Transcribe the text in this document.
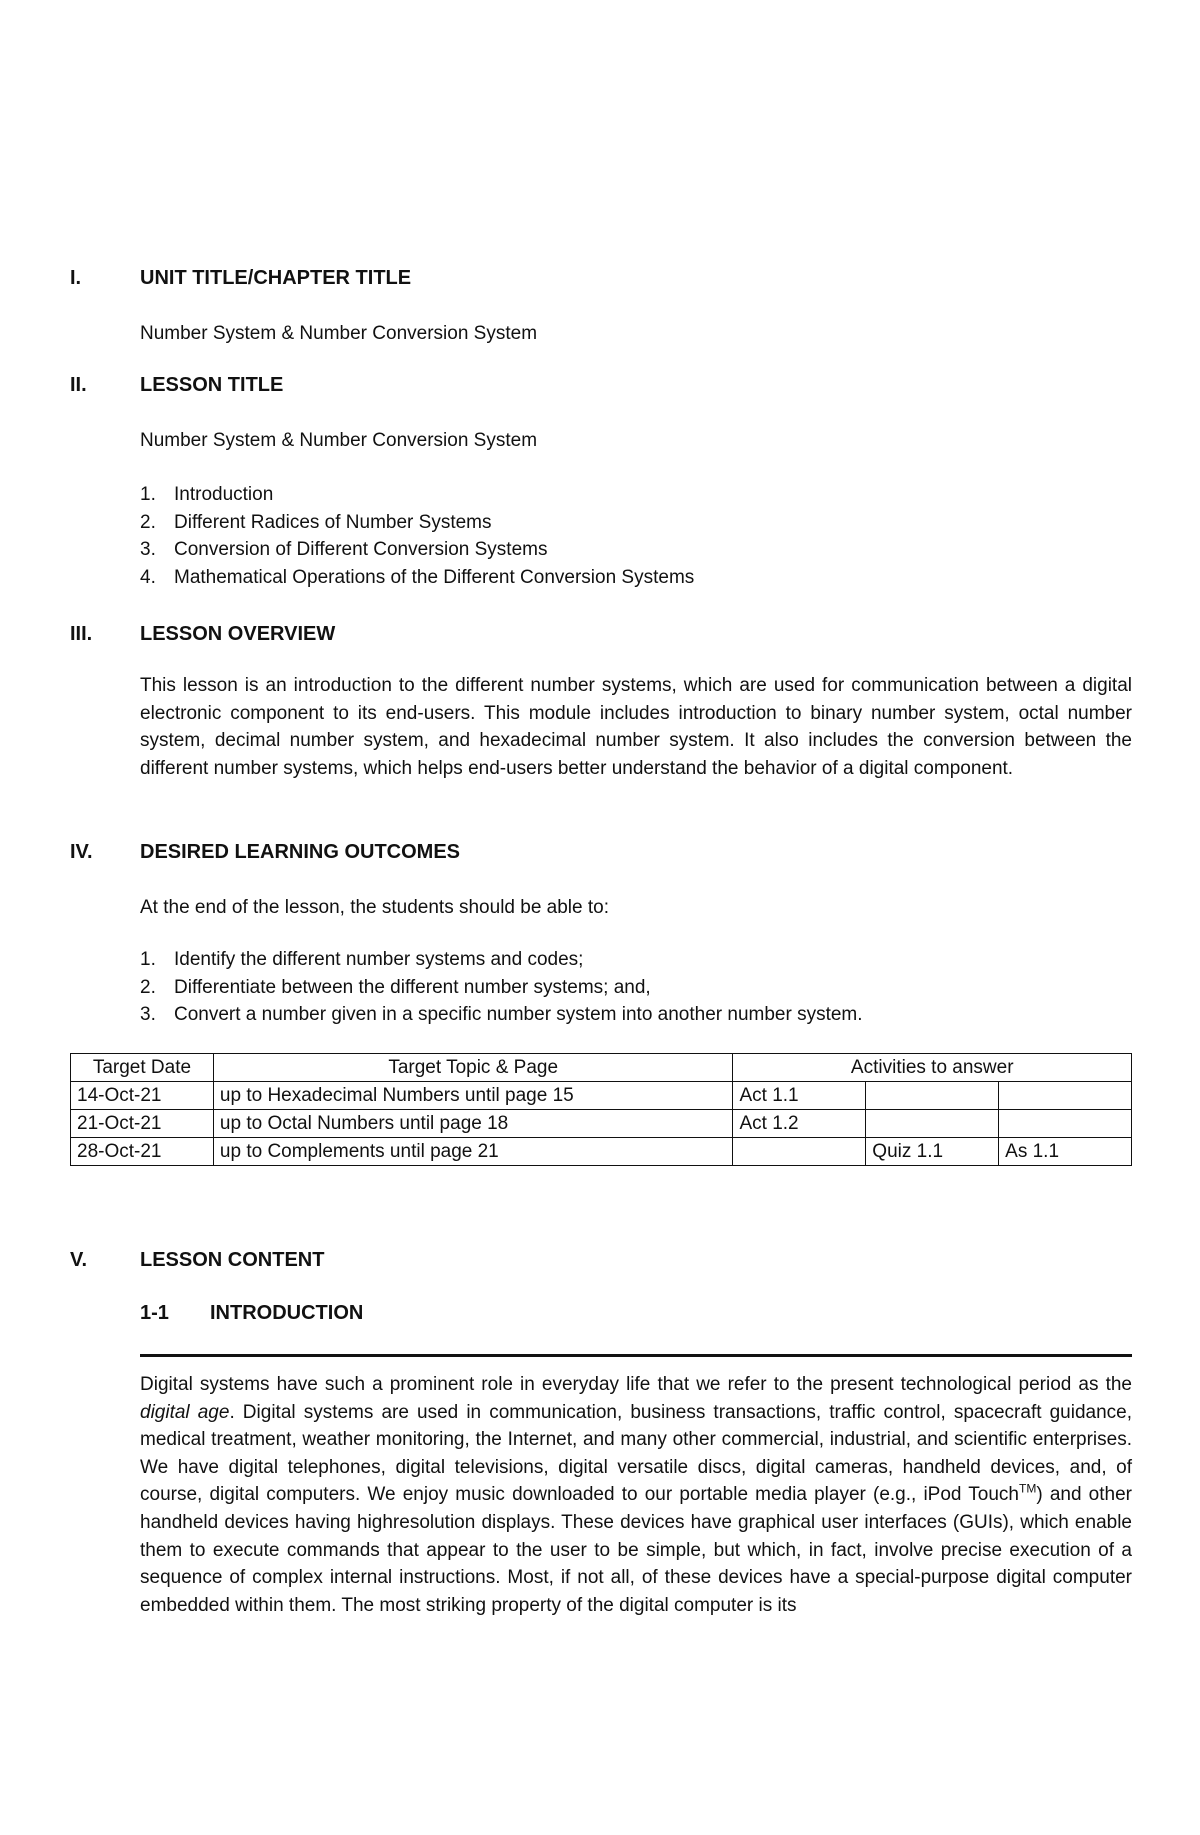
I.	UNIT TITLE/CHAPTER TITLE
Number System & Number Conversion System
II.	LESSON TITLE
Number System & Number Conversion System
1. Introduction
2. Different Radices of Number Systems
3. Conversion of Different Conversion Systems
4. Mathematical Operations of the Different Conversion Systems
III. LESSON OVERVIEW
This lesson is an introduction to the different number systems, which are used for communication between a digital electronic component to its end-users. This module includes introduction to binary number system, octal number system, decimal number system, and hexadecimal number system. It also includes the conversion between the different number systems, which helps end-users better understand the behavior of a digital component.
IV. DESIRED LEARNING OUTCOMES
At the end of the lesson, the students should be able to:
1. Identify the different number systems and codes;
2. Differentiate between the different number systems; and,
3. Convert a number given in a specific number system into another number system.
Target Date	Target Topic & Page	Activities to answer		
14-Oct-21	up to Hexadecimal Numbers until page 15	Act 1.1		
21-Oct-21	up to Octal Numbers until page 18	Act 1.2		
28-Oct-21	up to Complements until page 21		Quiz 1.1	As 1.1
V.	LESSON CONTENT
1-1 INTRODUCTION
Digital systems have such a prominent role in everyday life that we refer to the present technological period as the digital age. Digital systems are used in communication, business transactions, traffic control, spacecraft guidance, medical treatment, weather monitoring, the Internet, and many other commercial, industrial, and scientific enterprises. We have digital telephones, digital televisions, digital versatile discs, digital cameras, handheld devices, and, of course, digital computers. We enjoy music downloaded to our portable media player (e.g., iPod Touch™) and other handheld devices having highresolution displays. These devices have graphical user interfaces (GUIs), which enable them to execute commands that appear to the user to be simple, but which, in fact, involve precise execution of a sequence of complex internal instructions. Most, if not all, of these devices have a special-purpose digital computer embedded within them. The most striking property of the digital computer is its
